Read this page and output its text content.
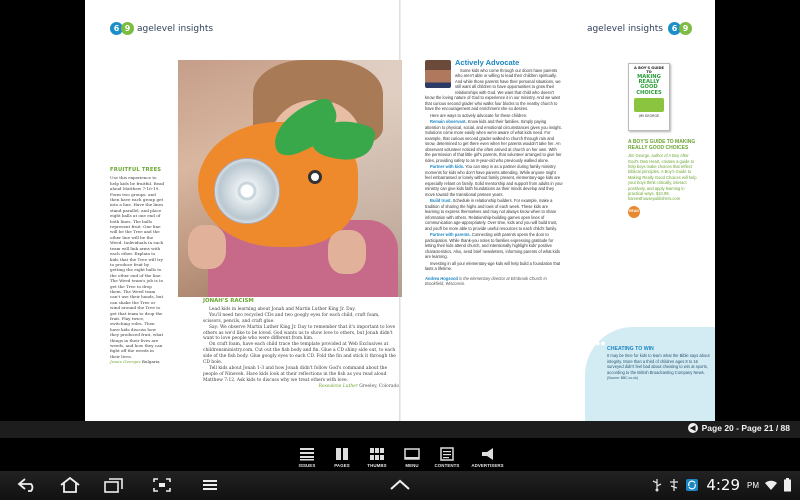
6 9 agelevel insights	agelevel insights	6 9
FRUITFUL TREES

Use this experience to help kids be fruitful. Read aloud Matthew 7:16-19. Form two groups, and then have each group get into a line. Have the lines stand parallel, and place eight balls at one end of both lines. The balls represent fruit. One line will be the Tree and the other line will be the Weed. Individuals in each team will link arms with each other. Explain to kids that the Tree will try to produce fruit by getting the eight balls to the other end of the line. The Weed team's job is to get the Tree to drop them. The Weed team can't use their hands, but can shake the Tree or wind around the Tree to get that team to drop the fruit. Play twice, switching roles. Then have kids discuss how they produced fruit, what things in their lives are weeds, and how they can fight off the weeds in their lives.

Jessie Georges Bulgaria

JONAH'S RACISM

Lead kids in learning about Jonah and Martin Luther King Jr. Day.

You'll need two recycled CDs and two googly eyes for each child, craft foam, scissors, pencils, and craft glue.

Say: We observe Martin Luther King Jr. Day to remember that it's important to love others as we'd like to be loved. God wants us to show love to others, but Jonah didn't want to love people who were different from him.

On craft foam, have each child trace the template provided at Web Exclusives at childrensministry.com. Cut out the fish body and fin. Glue a CD shiny side out, to each side of the fish body. Glue googly eyes to each CD. Fold the fin and stick it through the CD hole.

Tell kids about Jonah 1-3 and how Jonah didn't follow God's command about the people of Nineveh. Have kids look at their reflections in the fish as you read aloud Matthew 7:12. Ask kids to discuss why we treat others with love.

Rosealene Luther Greeley, Colorado

Actively Advocate

Some kids who come through our doors have parents who aren't able or willing to lead their children spiritually. And while those parents have their personal situations, we still want all children to have opportunities to grow their relationships with God. We want that child who doesn't know the loving nature of God to experience it in our ministry. And we want that curious second grader who walks four blocks to the nearby church to have the encouragement and enrichment she so desires.

Here are ways to actively advocate for these children.

Remain observant. Know kids and their families. Simply paying attention to physical, social, and emotional circumstances gives you insight. Solutions come more easily when we're aware of what kids need. For example, that curious second grader walked to church through rain and snow, determined to get there even when her parents wouldn't take her. An observant volunteer noticed she often arrived at church on her own. With the permission of that little girl's parents, that volunteer arranged to give her rides, providing safety to an 8-year-old who previously walked alone.

Partner with kids. You can step in as a partner during family ministry moments for kids who don't have parents attending. While anyone might feel embarrassed or lonely without family present, elementary-age kids are especially reliant on family. Solid mentorship and support from adults in your ministry can give kids faith foundations as their minds develop and they move toward the transitional preteen years.

Build trust. Schedule in relationship builders. For example, make a tradition of sharing the highs and lows of each week. These kids are learning to express themselves and may not always know when to share information with others. Relationship-building games open lines of communication age-appropriately. Over time, kids and you will build trust, and you'll be more able to provide useful resources to each child's family.

Partner with parents. Connecting with parents opens the door to participation. While thank-you notes to families expressing gratitude for letting their kids attend church, and intentionally highlight kids' positive characteristics. Also, send brief newsletters, informing parents of what kids are learning.

Investing in all your elementary-age kids will help build a foundation that lasts a lifetime.

Andrea Hogsood is the elementary director at Elmbrook Church in Brookfield, Wisconsin.

A BOY'S GUIDE TO
MAKING REALLY GOOD CHOICES
JIM GEORGE
A BOY'S GUIDE TO MAKING REALLY GOOD CHOICES

Jim George, author of A Boy After God's Own Heart, creates a guide to help boys make choices that reflect biblical principles. A Boy's Guide to Making Really Good Choices will help your boys think critically, interact positively, and apply learning in practical ways. $10.99, harvesthousepublishers.com

READ
●●
CHEATING TO WIN

It may be time for kids to learn what the Bible says about integrity. More than a third of children ages 8 to 16 surveyed didn't feel bad about cheating to win at sports, according to the British Broadcasting Company News. (Source: BBC.co.uk)

◀ Page 20 - Page 21 / 88
ISSUES	PAGES	THUMBS	MENU	CONTENTS	ADVERTISERS
4:29 PM
